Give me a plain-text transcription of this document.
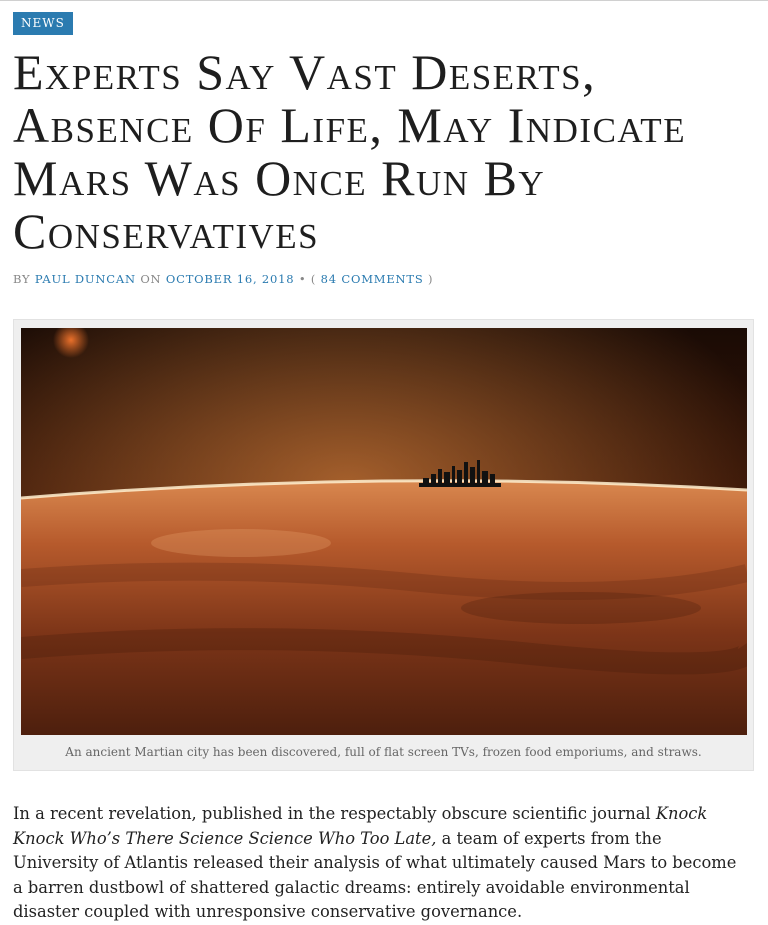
NEWS
Experts Say Vast Deserts, Absence Of Life, May Indicate Mars Was Once Run By Conservatives
BY PAUL DUNCAN ON OCTOBER 16, 2018 • ( 84 COMMENTS )
An ancient Martian city has been discovered, full of flat screen TVs, frozen food emporiums, and straws.

In a recent revelation, published in the respectably obscure scientific journal Knock Knock Who’s There Science Science Who Too Late, a team of experts from the University of Atlantis released their analysis of what ultimately caused Mars to become a barren dustbowl of shattered galactic dreams: entirely avoidable environmental disaster coupled with unresponsive conservative governance.
